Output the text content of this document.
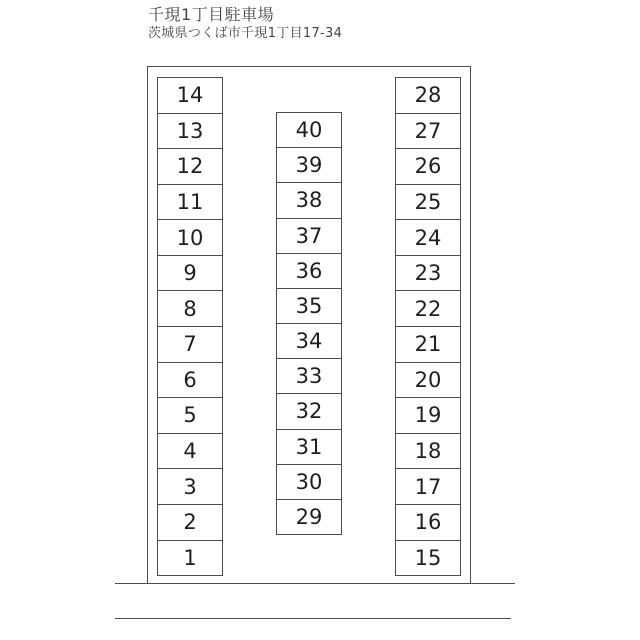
千現1丁目駐車場
茨城県つくば市千現1丁目17-34
14
13
12
11
10
9
8
7
6
5
4
3
2
1
40
39
38
37
36
35
34
33
32
31
30
29
28
27
26
25
24
23
22
21
20
19
18
17
16
15
